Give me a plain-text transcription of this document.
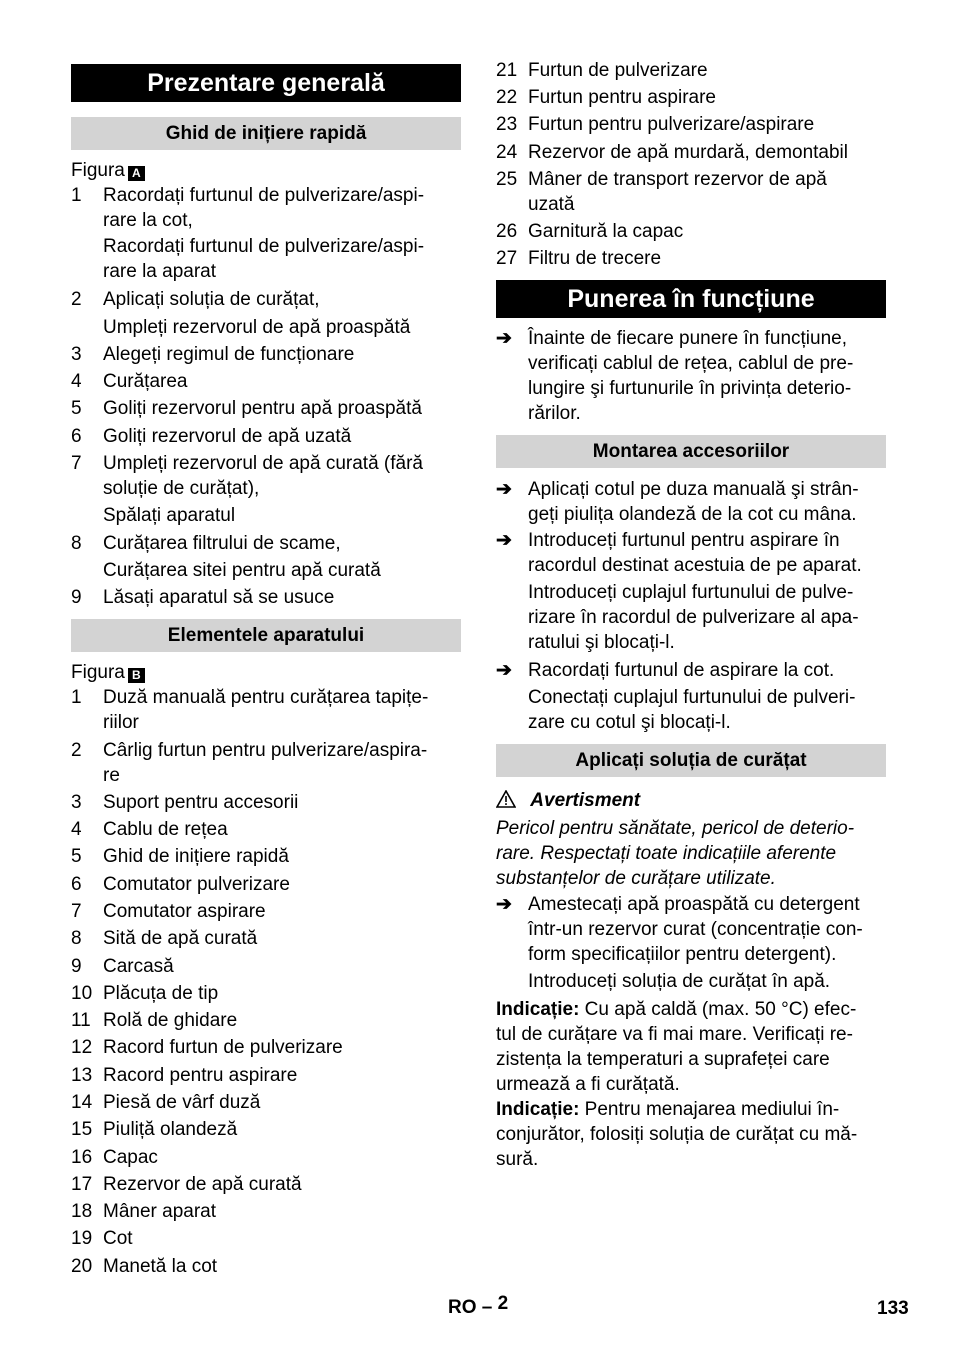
Prezentare generală
Ghid de inițiere rapidă
Figura A
1 Racordați furtunul de pulverizare/aspi-
rare la cot,
Racordați furtunul de pulverizare/aspi-
rare la aparat
2 Aplicați soluția de curățat,
Umpleți rezervorul de apă proaspătă
3 Alegeți regimul de funcționare
4 Curățarea
5 Goliți rezervorul pentru apă proaspătă
6 Goliți rezervorul de apă uzată
7 Umpleți rezervorul de apă curată (fără
soluție de curățat),
Spălați aparatul
8 Curățarea filtrului de scame,
Curățarea sitei pentru apă curată
9 Lăsați aparatul să se usuce
Elementele aparatului
Figura B
1 Duză manuală pentru curățarea tapițe-
riilor
2 Cârlig furtun pentru pulverizare/aspira-
re
3 Suport pentru accesorii
4 Cablu de rețea
5 Ghid de inițiere rapidă
6 Comutator pulverizare
7 Comutator aspirare
8 Sită de apă curată
9 Carcasă
10 Plăcuța de tip
11 Rolă de ghidare
12 Racord furtun de pulverizare
13 Racord pentru aspirare
14 Piesă de vârf duză
15 Piuliță olandeză
16 Capac
17 Rezervor de apă curată
18 Mâner aparat
19 Cot
20 Manetă la cot
21 Furtun de pulverizare
22 Furtun pentru aspirare
23 Furtun pentru pulverizare/aspirare
24 Rezervor de apă murdară, demontabil
25 Mâner de transport rezervor de apă
uzată
26 Garnitură la capac
27 Filtru de trecere
Punerea în funcțiune
➔ Înainte de fiecare punere în funcțiune,
verificați cablul de rețea, cablul de pre-
lungire şi furtunurile în privința deterio-
rărilor.
Montarea accesoriilor
➔ Aplicați cotul pe duza manuală şi strân-
geți piulița olandeză de la cot cu mâna.
➔ Introduceți furtunul pentru aspirare în
racordul destinat acestuia de pe aparat.
Introduceți cuplajul furtunului de pulve-
rizare în racordul de pulverizare al apa-
ratului şi blocați-l.
➔ Racordați furtunul de aspirare la cot.
Conectați cuplajul furtunului de pulveri-
zare cu cotul şi blocați-l.
Aplicați soluția de curățat
Avertisment
Pericol pentru sănătate, pericol de deterio-
rare. Respectați toate indicațiile aferente
substanțelor de curățare utilizate.
➔ Amestecați apă proaspătă cu detergent
într-un rezervor curat (concentrație con-
form specificațiilor pentru detergent).
Introduceți soluția de curățat în apă.
Indicație: Cu apă caldă (max. 50 °C) efec-
tul de curățare va fi mai mare. Verificați re-
zistența la temperaturi a suprafeței care
urmează a fi curățată.
Indicație: Pentru menajarea mediului în-
conjurător, folosiți soluția de curățat cu mă-
sură.
RO – 2	133
